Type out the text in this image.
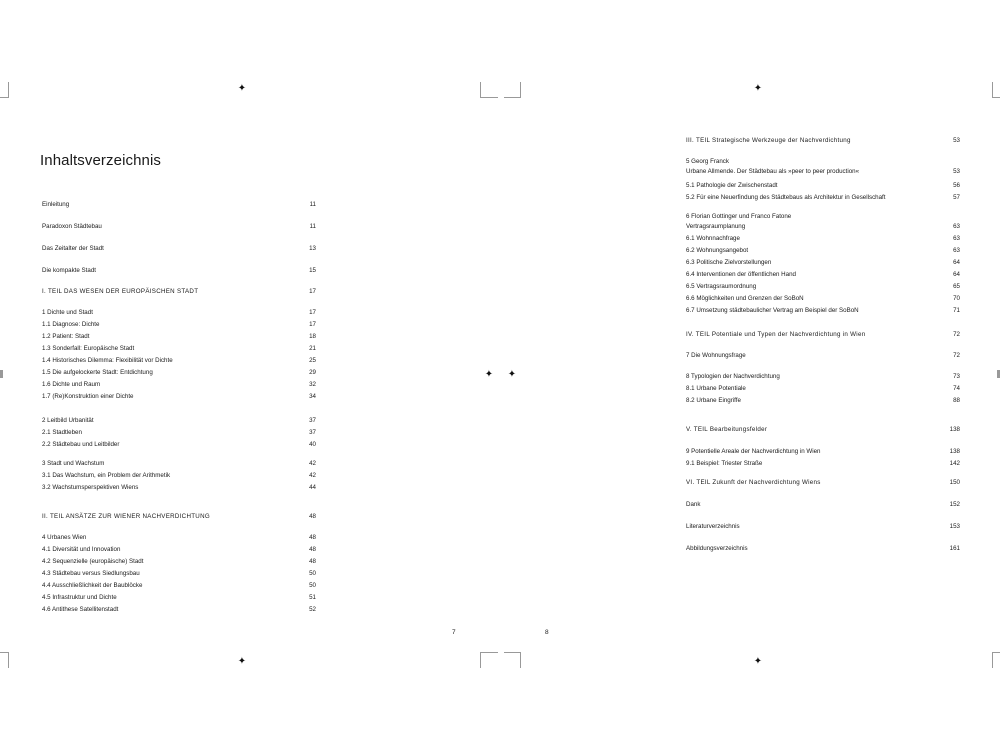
Inhaltsverzeichnis
Einleitung	11
Paradoxon Städtebau	11
Das Zeitalter der Stadt	13
Die kompakte Stadt	15
I. TEIL DAS WESEN DER EUROPÄISCHEN STADT	17
1 Dichte und Stadt	17
1.1 Diagnose: Dichte	17
1.2 Patient: Stadt	18
1.3 Sonderfall: Europäische Stadt	21
1.4 Historisches Dilemma: Flexibilität vor Dichte	25
1.5 Die aufgelockerte Stadt: Entdichtung	29
1.6 Dichte und Raum	32
1.7 (Re)Konstruktion einer Dichte	34
2 Leitbild Urbanität	37
2.1 Stadtleben	37
2.2 Städtebau und Leitbilder	40
3 Stadt und Wachstum	42
3.1 Das Wachstum, ein Problem der Arithmetik	42
3.2 Wachstumsperspektiven Wiens	44
II. TEIL ANSÄTZE ZUR WIENER NACHVERDICHTUNG	48
4 Urbanes Wien	48
4.1 Diversität und Innovation	48
4.2 Sequenzielle (europäische) Stadt	48
4.3 Städtebau versus Siedlungsbau	50
4.4 Ausschließlichkeit der Baublöcke	50
4.5 Infrastruktur und Dichte	51
4.6 Antithese Satellitenstadt	52
7
III. TEIL Strategische Werkzeuge der Nachverdichtung	53
5 Georg Franck
Urbane Allmende. Der Städtebau als »peer to peer production«	53
5.1 Pathologie der Zwischenstadt	56
5.2 Für eine Neuerfindung des Städtebaus als Architektur in Gesellschaft	57
6 Florian Gottinger und Franco Fatone
Vertragsraumplanung	63
6.1 Wohnnachfrage	63
6.2 Wohnungsangebot	63
6.3 Politische Zielvorstellungen	64
6.4 Interventionen der öffentlichen Hand	64
6.5 Vertragsraumordnung	65
6.6 Möglichkeiten und Grenzen der SoBoN	70
6.7 Umsetzung städtebaulicher Vertrag am Beispiel der SoBoN	71
IV. TEIL Potentiale und Typen der Nachverdichtung in Wien	72
7 Die Wohnungsfrage	72
8 Typologien der Nachverdichtung	73
8.1 Urbane Potentiale	74
8.2 Urbane Eingriffe	88
V. TEIL Bearbeitungsfelder	138
9 Potentielle Areale der Nachverdichtung in Wien	138
9.1 Beispiel: Triester Straße	142
VI. TEIL Zukunft der Nachverdichtung Wiens	150
Dank	152
Literaturverzeichnis	153
Abbildungsverzeichnis	161
8
✦	✦
✦ ✦
✦	✦
